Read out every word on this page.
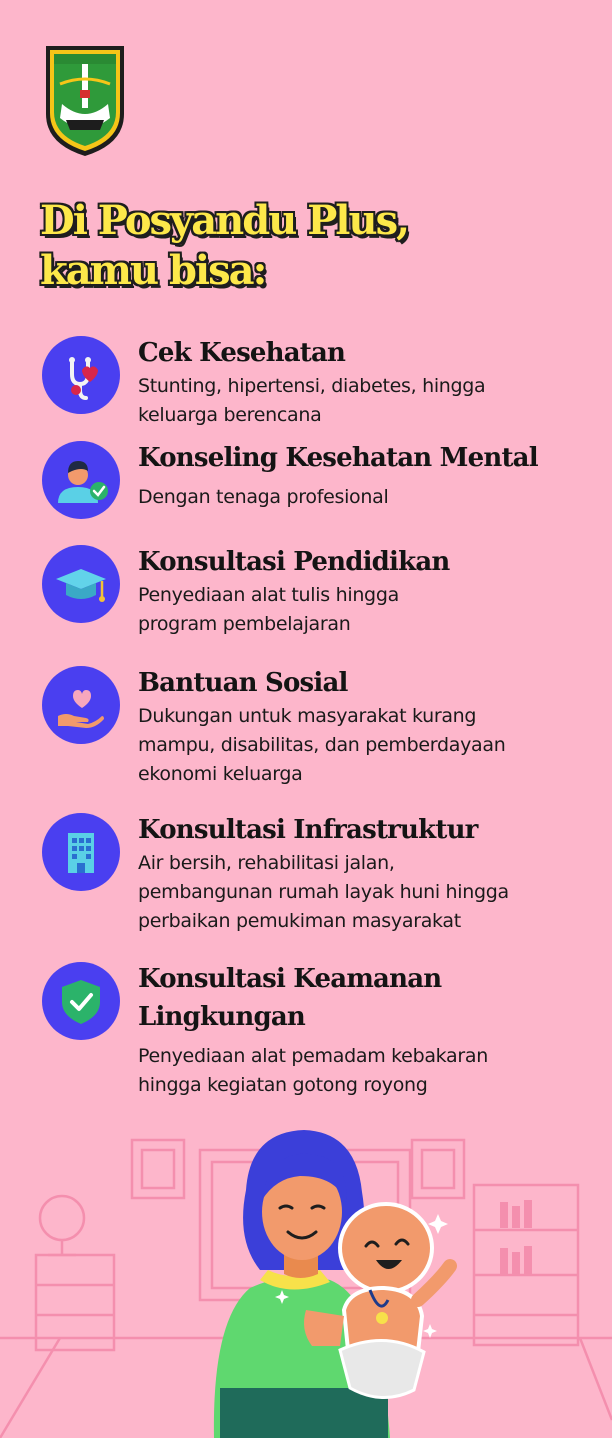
Di Posyandu Plus,
kamu bisa:
Cek Kesehatan
Stunting, hipertensi, diabetes, hingga
keluarga berencana
Konseling Kesehatan Mental
Dengan tenaga profesional
Konsultasi Pendidikan
Penyediaan alat tulis hingga
program pembelajaran
Bantuan Sosial
Dukungan untuk masyarakat kurang
mampu, disabilitas, dan pemberdayaan
ekonomi keluarga
Konsultasi Infrastruktur
Air bersih, rehabilitasi jalan,
pembangunan rumah layak huni hingga
perbaikan pemukiman masyarakat
Konsultasi Keamanan
Lingkungan
Penyediaan alat pemadam kebakaran
hingga kegiatan gotong royong
